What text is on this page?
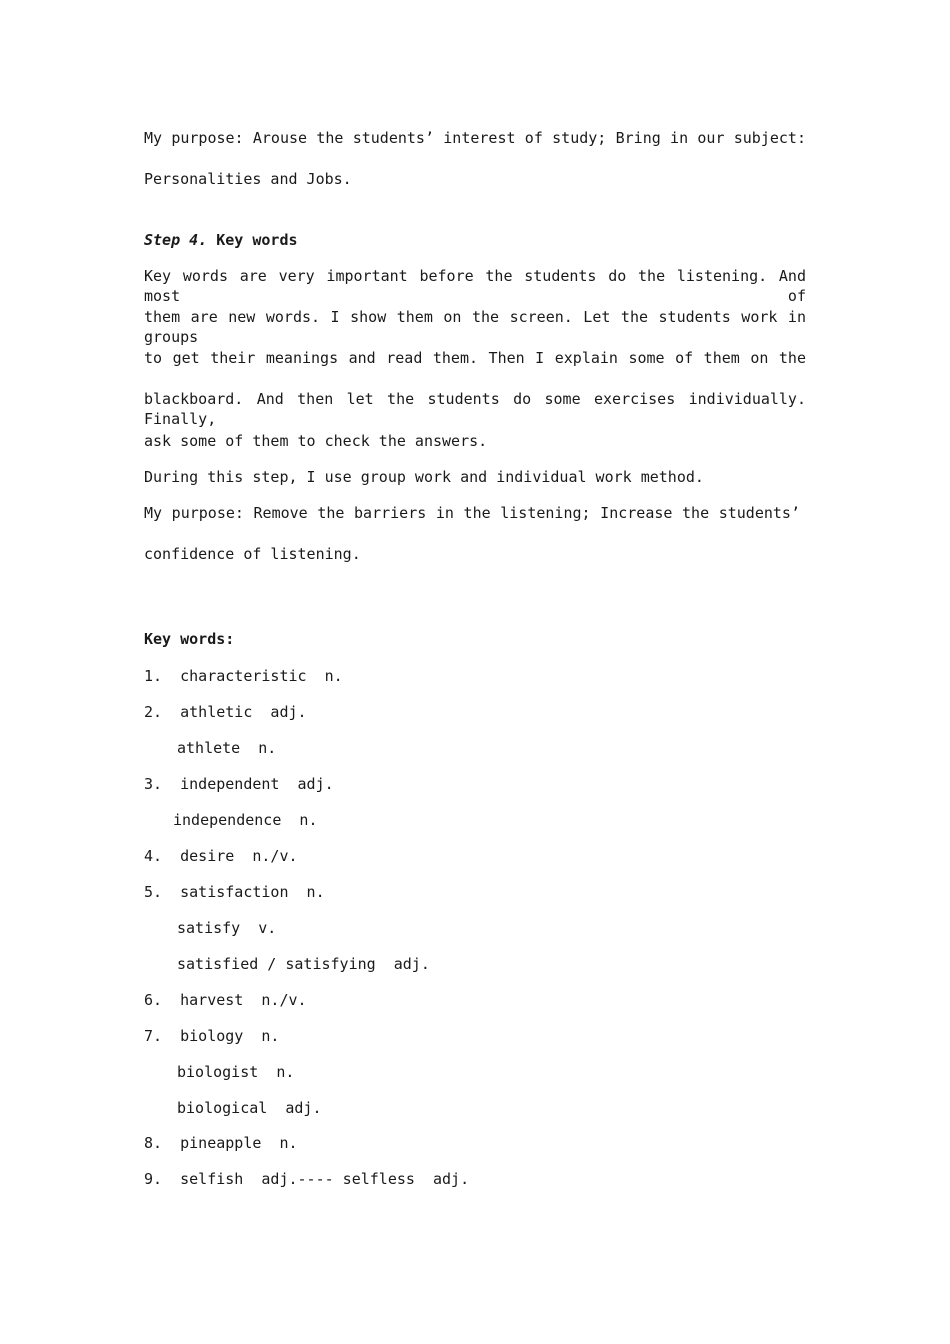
My purpose: Arouse the students’ interest of study; Bring in our subject:

Personalities and Jobs.

Step 4. Key words

Key words are very important before the students do the listening. And most of

them are new words. I show them on the screen. Let the students work in groups

to get their meanings and read them. Then I explain some of them on the

blackboard. And then let the students do some exercises individually. Finally,

ask some of them to check the answers.

During this step, I use group work and individual work method.

My purpose: Remove the barriers in the listening; Increase the students’

confidence of listening.

Key words:

1.  characteristic  n.

2.  athletic  adj.

athlete  n.

3.  independent  adj.

independence  n.

4.  desire  n./v.

5.  satisfaction  n.

satisfy  v.

satisfied / satisfying  adj.

6.  harvest  n./v.

7.  biology  n.

biologist  n.

biological  adj.

8.  pineapple  n.

9.  selfish  adj.---- selfless  adj.
